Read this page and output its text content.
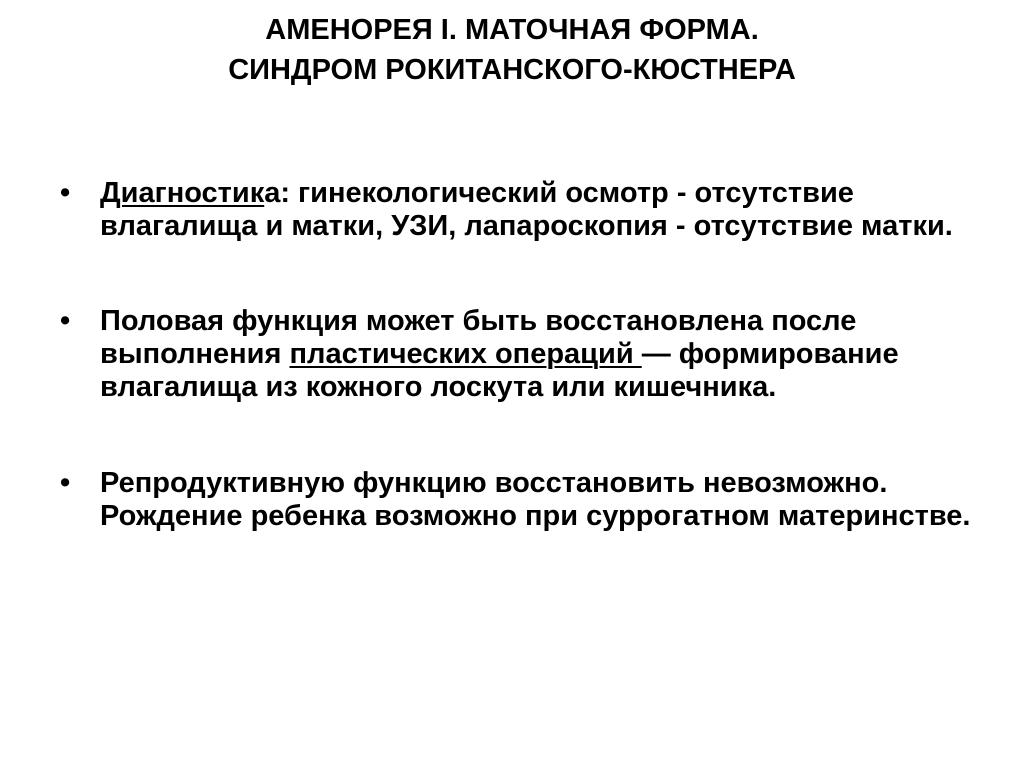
АМЕНОРЕЯ I. МАТОЧНАЯ ФОРМА.
СИНДРОМ РОКИТАНСКОГО-КЮСТНЕРА
• Диагностика: гинекологический осмотр - отсутствие влагалища и матки, УЗИ, лапароскопия - отсутствие матки.
• Половая функция может быть восстановлена после выполнения пластических операций — формирование влагалища из кожного лоскута или кишечника.
• Репродуктивную функцию восстановить невозможно. Рождение ребенка возможно при суррогатном материнстве.
